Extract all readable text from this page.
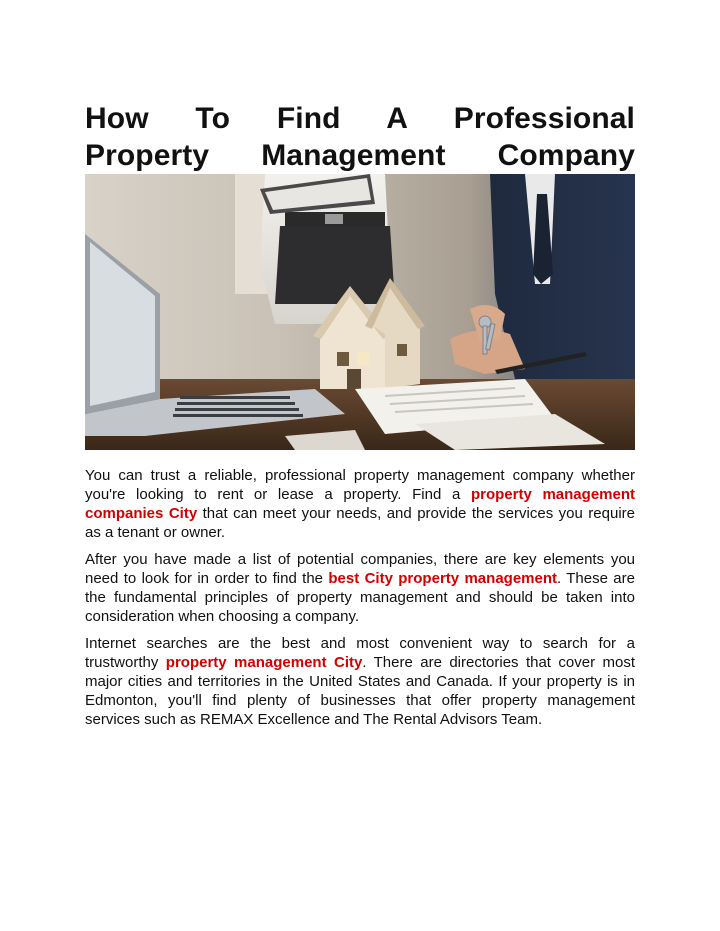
How To Find A Professional
Property Management Company

You can trust a reliable, professional property management company whether you're looking to rent or lease a property. Find a property management companies City that can meet your needs, and provide the services you require as a tenant or owner.

After you have made a list of potential companies, there are key elements you need to look for in order to find the best City property management. These are the fundamental principles of property management and should be taken into consideration when choosing a company.

Internet searches are the best and most convenient way to search for a trustworthy property management City. There are directories that cover most major cities and territories in the United States and Canada. If your property is in Edmonton, you'll find plenty of businesses that offer property management services such as REMAX Excellence and The Rental Advisors Team.
